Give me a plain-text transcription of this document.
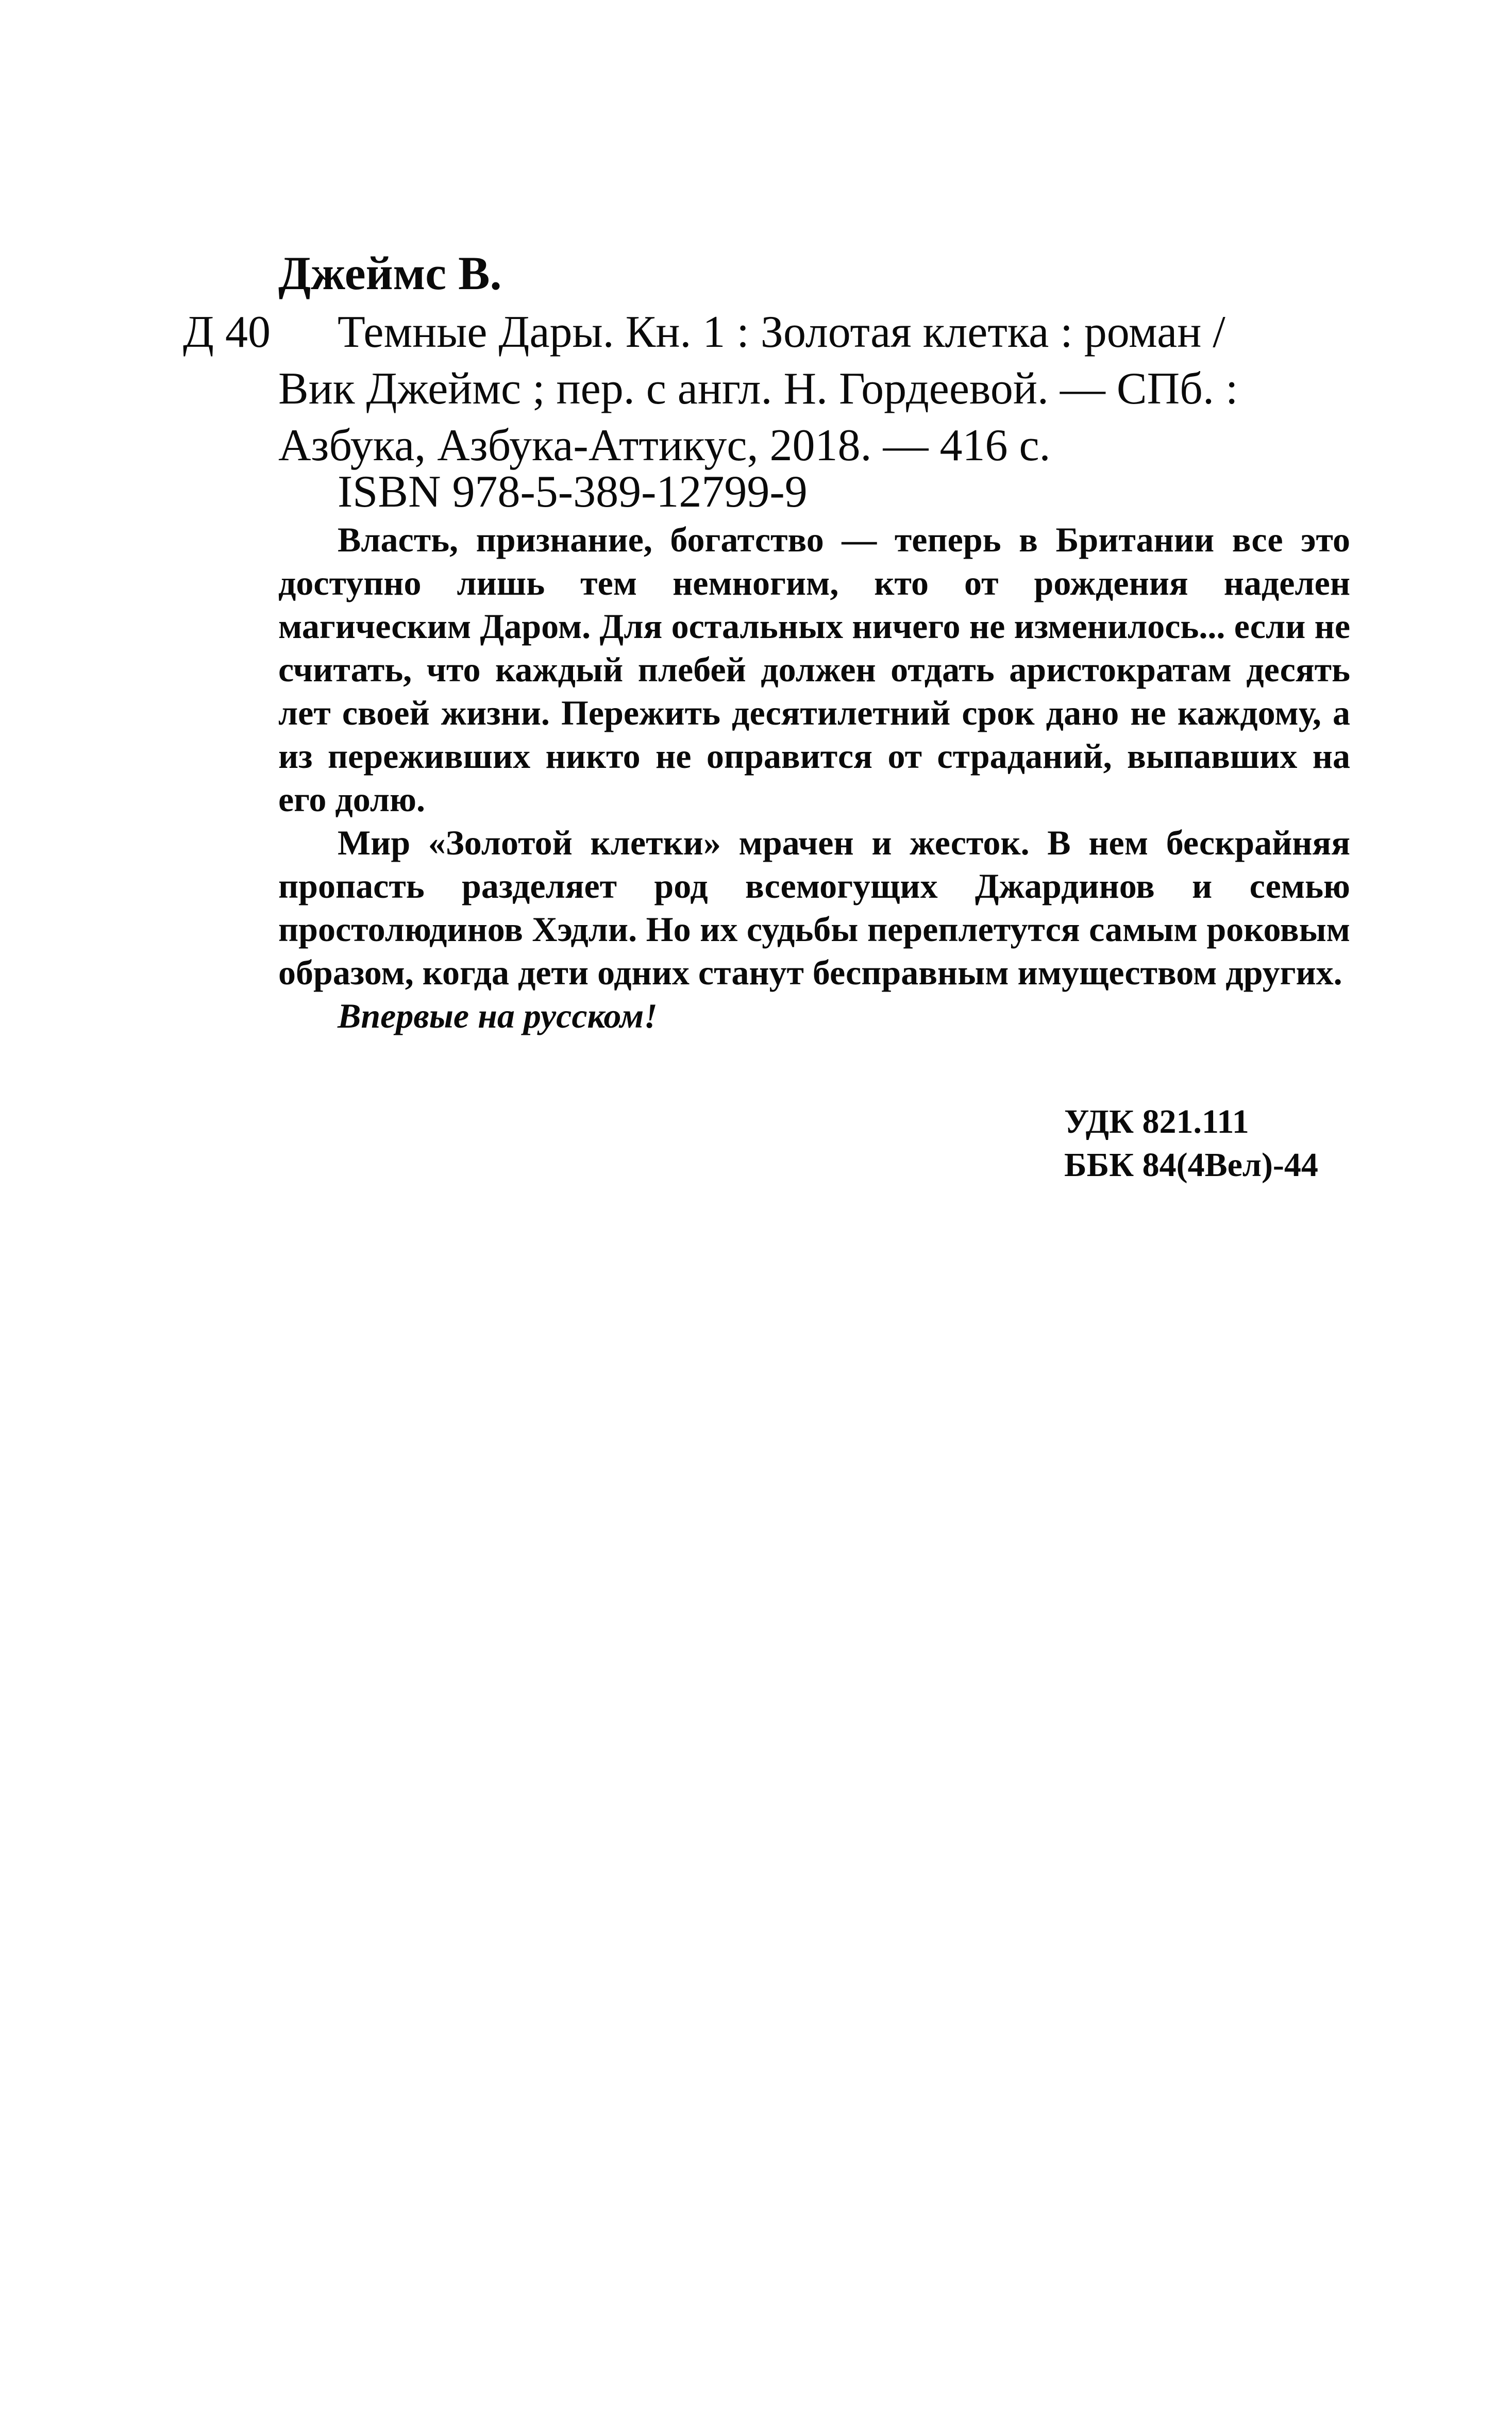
Джеймс В.
Д 40	Темные Дары. Кн. 1 : Золотая клетка : роман /
Вик Джеймс ; пер. с англ. Н. Гордеевой. — СПб. :
Азбука, Азбука-Аттикус, 2018. — 416 с.
ISBN 978-5-389-12799-9

Власть, признание, богатство — теперь в Британии все это доступно лишь тем немногим, кто от рождения наделен магическим Даром. Для остальных ничего не изменилось... если не считать, что каждый плебей должен отдать аристократам десять лет своей жизни. Пережить десятилетний срок дано не каждому, а из переживших никто не оправится от страданий, выпавших на его долю.

Мир «Золотой клетки» мрачен и жесток. В нем бескрайняя пропасть разделяет род всемогущих Джардинов и семью простолюдинов Хэдли. Но их судьбы переплетутся самым роковым образом, когда дети одних станут бесправным имуществом других.

Впервые на русском!

УДК 821.111
ББК 84(4Вел)-44
